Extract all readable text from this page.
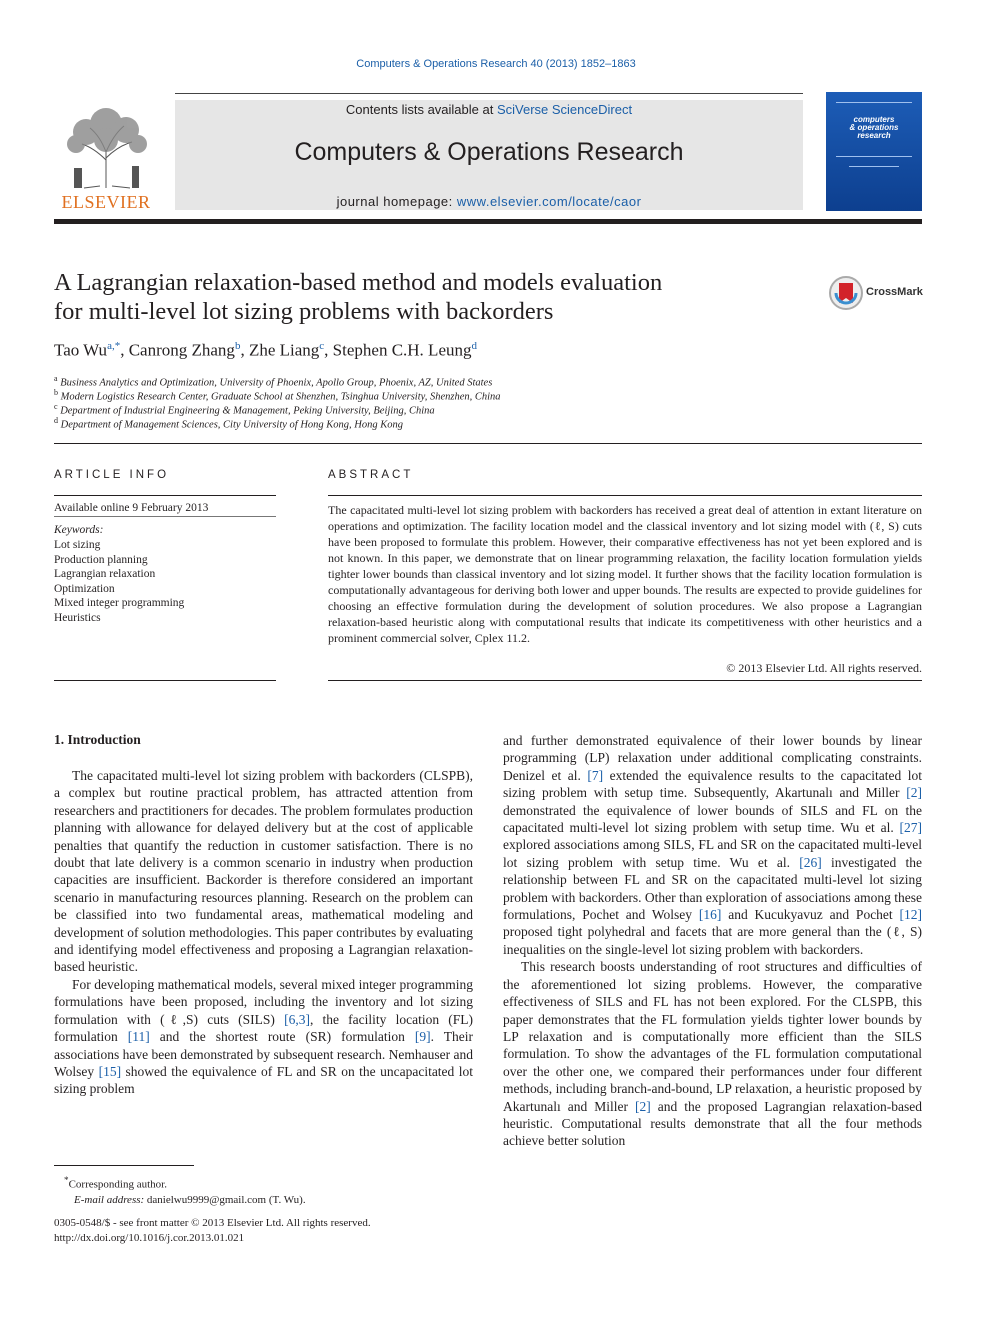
Computers & Operations Research 40 (2013) 1852–1863
ELSEVIER
Contents lists available at SciVerse ScienceDirect
Computers & Operations Research
journal homepage: www.elsevier.com/locate/caor
computers
& operations
research
A Lagrangian relaxation-based method and models evaluation
for multi-level lot sizing problems with backorders
CrossMark
Tao $Wu^{a,*}$, Canrong Zhang$^b$, Zhe Liang$^c$, Stephen C.H. Leung$^d$
$^a$ Business Analytics and Optimization, University of Phoenix, Apollo Group, Phoenix, AZ, United States
$^b$ Modern Logistics Research Center, Graduate School at Shenzhen, Tsinghua University, Shenzhen, China
$^c$ Department of Industrial Engineering & Management, Peking University, Beijing, China
$^d$ Department of Management Sciences, City University of Hong Kong, Hong Kong
ARTICLE INFO
Available online 9 February 2013
Keywords:
Lot sizing
Production planning
Lagrangian relaxation
Optimization
Mixed integer programming
Heuristics
ABSTRACT
The capacitated multi-level lot sizing problem with backorders has received a great deal of attention in extant literature on operations and optimization. The facility location model and the classical inventory and lot sizing model with (ℓ, S) cuts have been proposed to formulate this problem. However, their comparative effectiveness has not yet been explored and is not known. In this paper, we demonstrate that on linear programming relaxation, the facility location formulation yields tighter lower bounds than classical inventory and lot sizing model. It further shows that the facility location formulation is computationally advantageous for deriving both lower and upper bounds. The results are expected to provide guidelines for choosing an effective formulation during the development of solution procedures. We also propose a Lagrangian relaxation-based heuristic along with computational results that indicate its competitiveness with other heuristics and a prominent commercial solver, Cplex 11.2.
© 2013 Elsevier Ltd. All rights reserved.
1. Introduction

The capacitated multi-level lot sizing problem with backorders (CLSPB), a complex but routine practical problem, has attracted attention from researchers and practitioners for decades. The problem formulates production planning with allowance for delayed delivery but at the cost of applicable penalties that quantify the reduction in customer satisfaction. There is no doubt that late delivery is a common scenario in industry when production capacities are insufficient. Backorder is therefore considered an important scenario in manufacturing resources planning. Research on the problem can be classified into two fundamental areas, mathematical modeling and development of solution methodologies. This paper contributes by evaluating and identifying model effectiveness and proposing a Lagrangian relaxation-based heuristic.

For developing mathematical models, several mixed integer programming formulations have been proposed, including the inventory and lot sizing formulation with (ℓ,S) cuts (SILS) [6,3], the facility location (FL) formulation [11] and the shortest route (SR) formulation [9]. Their associations have been demonstrated by subsequent research. Nemhauser and Wolsey [15] showed the equivalence of FL and SR on the uncapacitated lot sizing problem

and further demonstrated equivalence of their lower bounds by linear programming (LP) relaxation under additional complicating constraints. Denizel et al. [7] extended the equivalence results to the capacitated lot sizing problem with setup time. Subsequently, Akartunalı and Miller [2] demonstrated the equivalence of lower bounds of SILS and FL on the capacitated multi-level lot sizing problem with setup time. Wu et al. [27] explored associations among SILS, FL and SR on the capacitated multi-level lot sizing problem with setup time. Wu et al. [26] investigated the relationship between FL and SR on the capacitated multi-level lot sizing problem with backorders. Other than exploration of associations among these formulations, Pochet and Wolsey [16] and Kucukyavuz and Pochet [12] proposed tight polyhedral and facets that are more general than the (ℓ, S) inequalities on the single-level lot sizing problem with backorders.

This research boosts understanding of root structures and difficulties of the aforementioned lot sizing problems. However, the comparative effectiveness of SILS and FL has not been explored. For the CLSPB, this paper demonstrates that the FL formulation yields tighter lower bounds by LP relaxation and is computationally more efficient than the SILS formulation. To show the advantages of the FL formulation computational over the other one, we compared their performances under four different methods, including branch-and-bound, LP relaxation, a heuristic proposed by Akartunalı and Miller [2] and the proposed Lagrangian relaxation-based heuristic. Computational results demonstrate that all the four methods achieve better solution

*Corresponding author.
E-mail address: danielwu9999@gmail.com (T. Wu).
0305-0548/$ - see front matter © 2013 Elsevier Ltd. All rights reserved.
http://dx.doi.org/10.1016/j.cor.2013.01.021
